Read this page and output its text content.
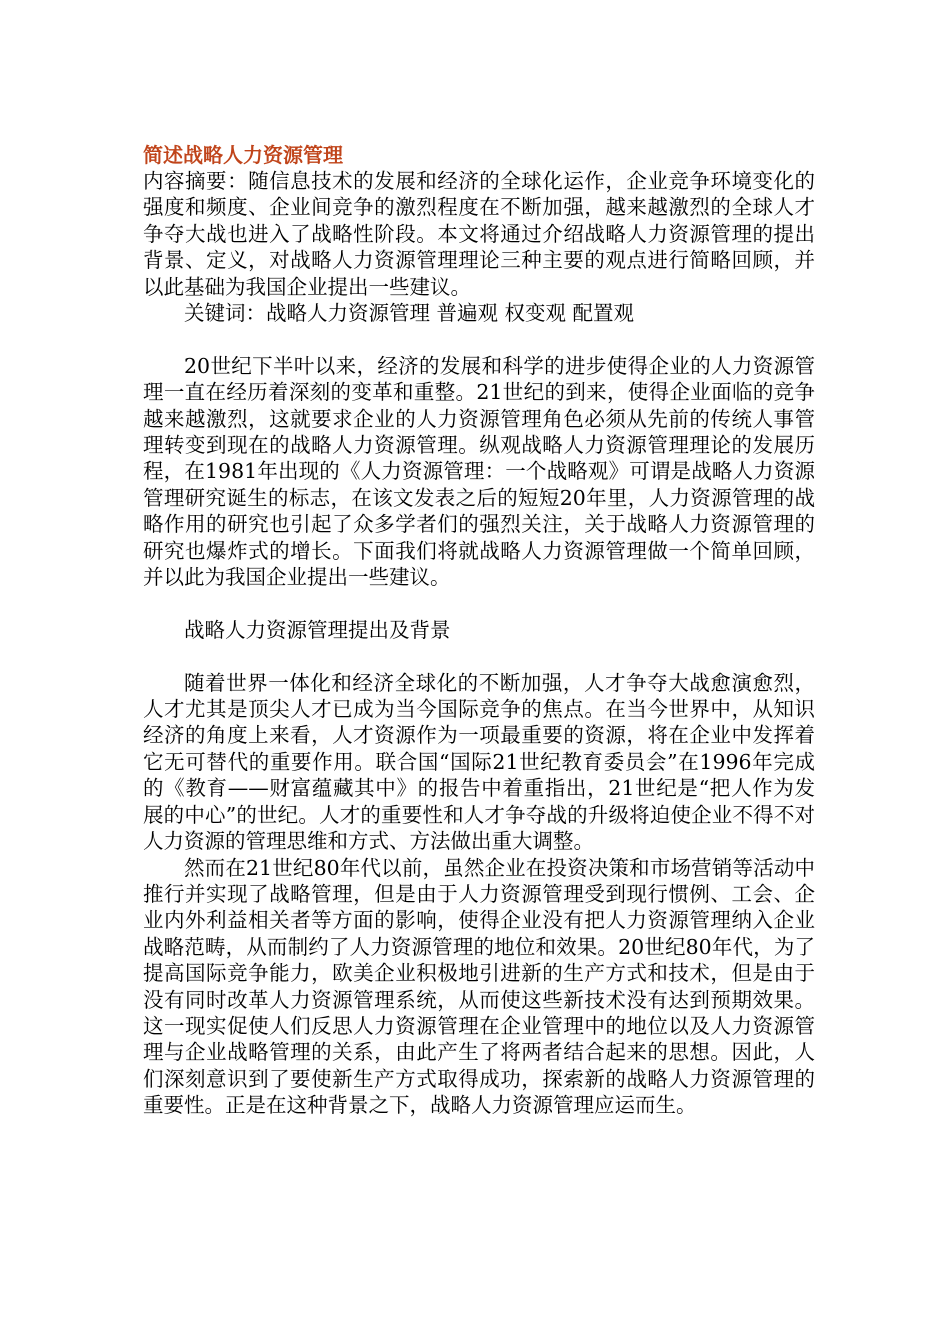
简述战略人力资源管理

内容摘要：随信息技术的发展和经济的全球化运作，企业竞争环境变化的强度和频度、企业间竞争的激烈程度在不断加强，越来越激烈的全球人才争夺大战也进入了战略性阶段。本文将通过介绍战略人力资源管理的提出背景、定义，对战略人力资源管理理论三种主要的观点进行简略回顾，并以此基础为我国企业提出一些建议。

关键词：战略人力资源管理 普遍观 权变观 配置观

20世纪下半叶以来，经济的发展和科学的进步使得企业的人力资源管理一直在经历着深刻的变革和重整。21世纪的到来，使得企业面临的竞争越来越激烈，这就要求企业的人力资源管理角色必须从先前的传统人事管理转变到现在的战略人力资源管理。纵观战略人力资源管理理论的发展历程，在1981年出现的《人力资源管理：一个战略观》可谓是战略人力资源管理研究诞生的标志，在该文发表之后的短短20年里，人力资源管理的战略作用的研究也引起了众多学者们的强烈关注，关于战略人力资源管理的研究也爆炸式的增长。下面我们将就战略人力资源管理做一个简单回顾，并以此为我国企业提出一些建议。

战略人力资源管理提出及背景

随着世界一体化和经济全球化的不断加强，人才争夺大战愈演愈烈，人才尤其是顶尖人才已成为当今国际竞争的焦点。在当今世界中，从知识经济的角度上来看，人才资源作为一项最重要的资源，将在企业中发挥着它无可替代的重要作用。联合国“国际21世纪教育委员会”在1996年完成的《教育——财富蕴藏其中》的报告中着重指出，21世纪是“把人作为发展的中心”的世纪。人才的重要性和人才争夺战的升级将迫使企业不得不对人力资源的管理思维和方式、方法做出重大调整。

然而在21世纪80年代以前，虽然企业在投资决策和市场营销等活动中推行并实现了战略管理，但是由于人力资源管理受到现行惯例、工会、企业内外利益相关者等方面的影响，使得企业没有把人力资源管理纳入企业战略范畴，从而制约了人力资源管理的地位和效果。20世纪80年代，为了提高国际竞争能力，欧美企业积极地引进新的生产方式和技术，但是由于没有同时改革人力资源管理系统，从而使这些新技术没有达到预期效果。这一现实促使人们反思人力资源管理在企业管理中的地位以及人力资源管理与企业战略管理的关系，由此产生了将两者结合起来的思想。因此，人们深刻意识到了要使新生产方式取得成功，探索新的战略人力资源管理的重要性。正是在这种背景之下，战略人力资源管理应运而生。
